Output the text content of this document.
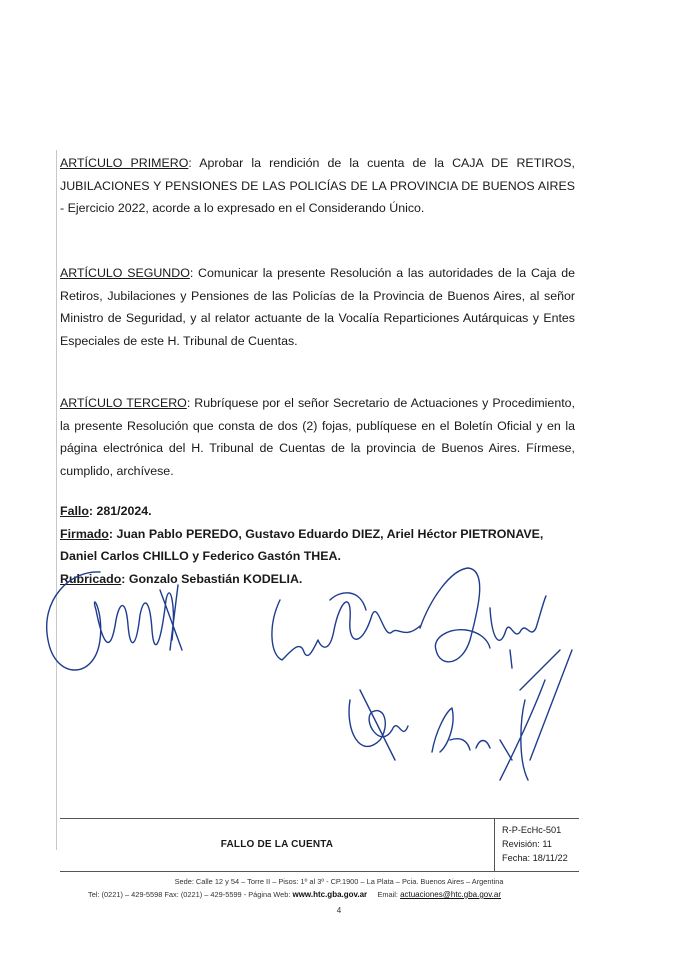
ARTÍCULO PRIMERO: Aprobar la rendición de la cuenta de la CAJA DE RETIROS, JUBILACIONES Y PENSIONES DE LAS POLICÍAS DE LA PROVINCIA DE BUENOS AIRES - Ejercicio 2022, acorde a lo expresado en el Considerando Único.

ARTÍCULO SEGUNDO: Comunicar la presente Resolución a las autoridades de la Caja de Retiros, Jubilaciones y Pensiones de las Policías de la Provincia de Buenos Aires, al señor Ministro de Seguridad, y al relator actuante de la Vocalía Reparticiones Autárquicas y Entes Especiales de este H. Tribunal de Cuentas.

ARTÍCULO TERCERO: Rubríquese por el señor Secretario de Actuaciones y Procedimiento, la presente Resolución que consta de dos (2) fojas, publíquese en el Boletín Oficial y en la página electrónica del H. Tribunal de Cuentas de la provincia de Buenos Aires. Fírmese, cumplido, archívese.

Fallo: 281/2024.
Firmado: Juan Pablo PEREDO, Gustavo Eduardo DIEZ, Ariel Héctor PIETRONAVE, Daniel Carlos CHILLO y Federico Gastón THEA.
Rubricado: Gonzalo Sebastián KODELIA.
FALLO DE LA CUENTA
R-P-EcHc-501
Revisión: 11
Fecha: 18/11/22
Sede: Calle 12 y 54 – Torre II – Pisos: 1º al 3º - CP.1900 – La Plata – Pcia. Buenos Aires – Argentina
Tel: (0221) – 429-5598 Fax: (0221) – 429-5599 - Página Web: www.htc.gba.gov.ar Email: actuaciones@htc.gba.gov.ar
4
